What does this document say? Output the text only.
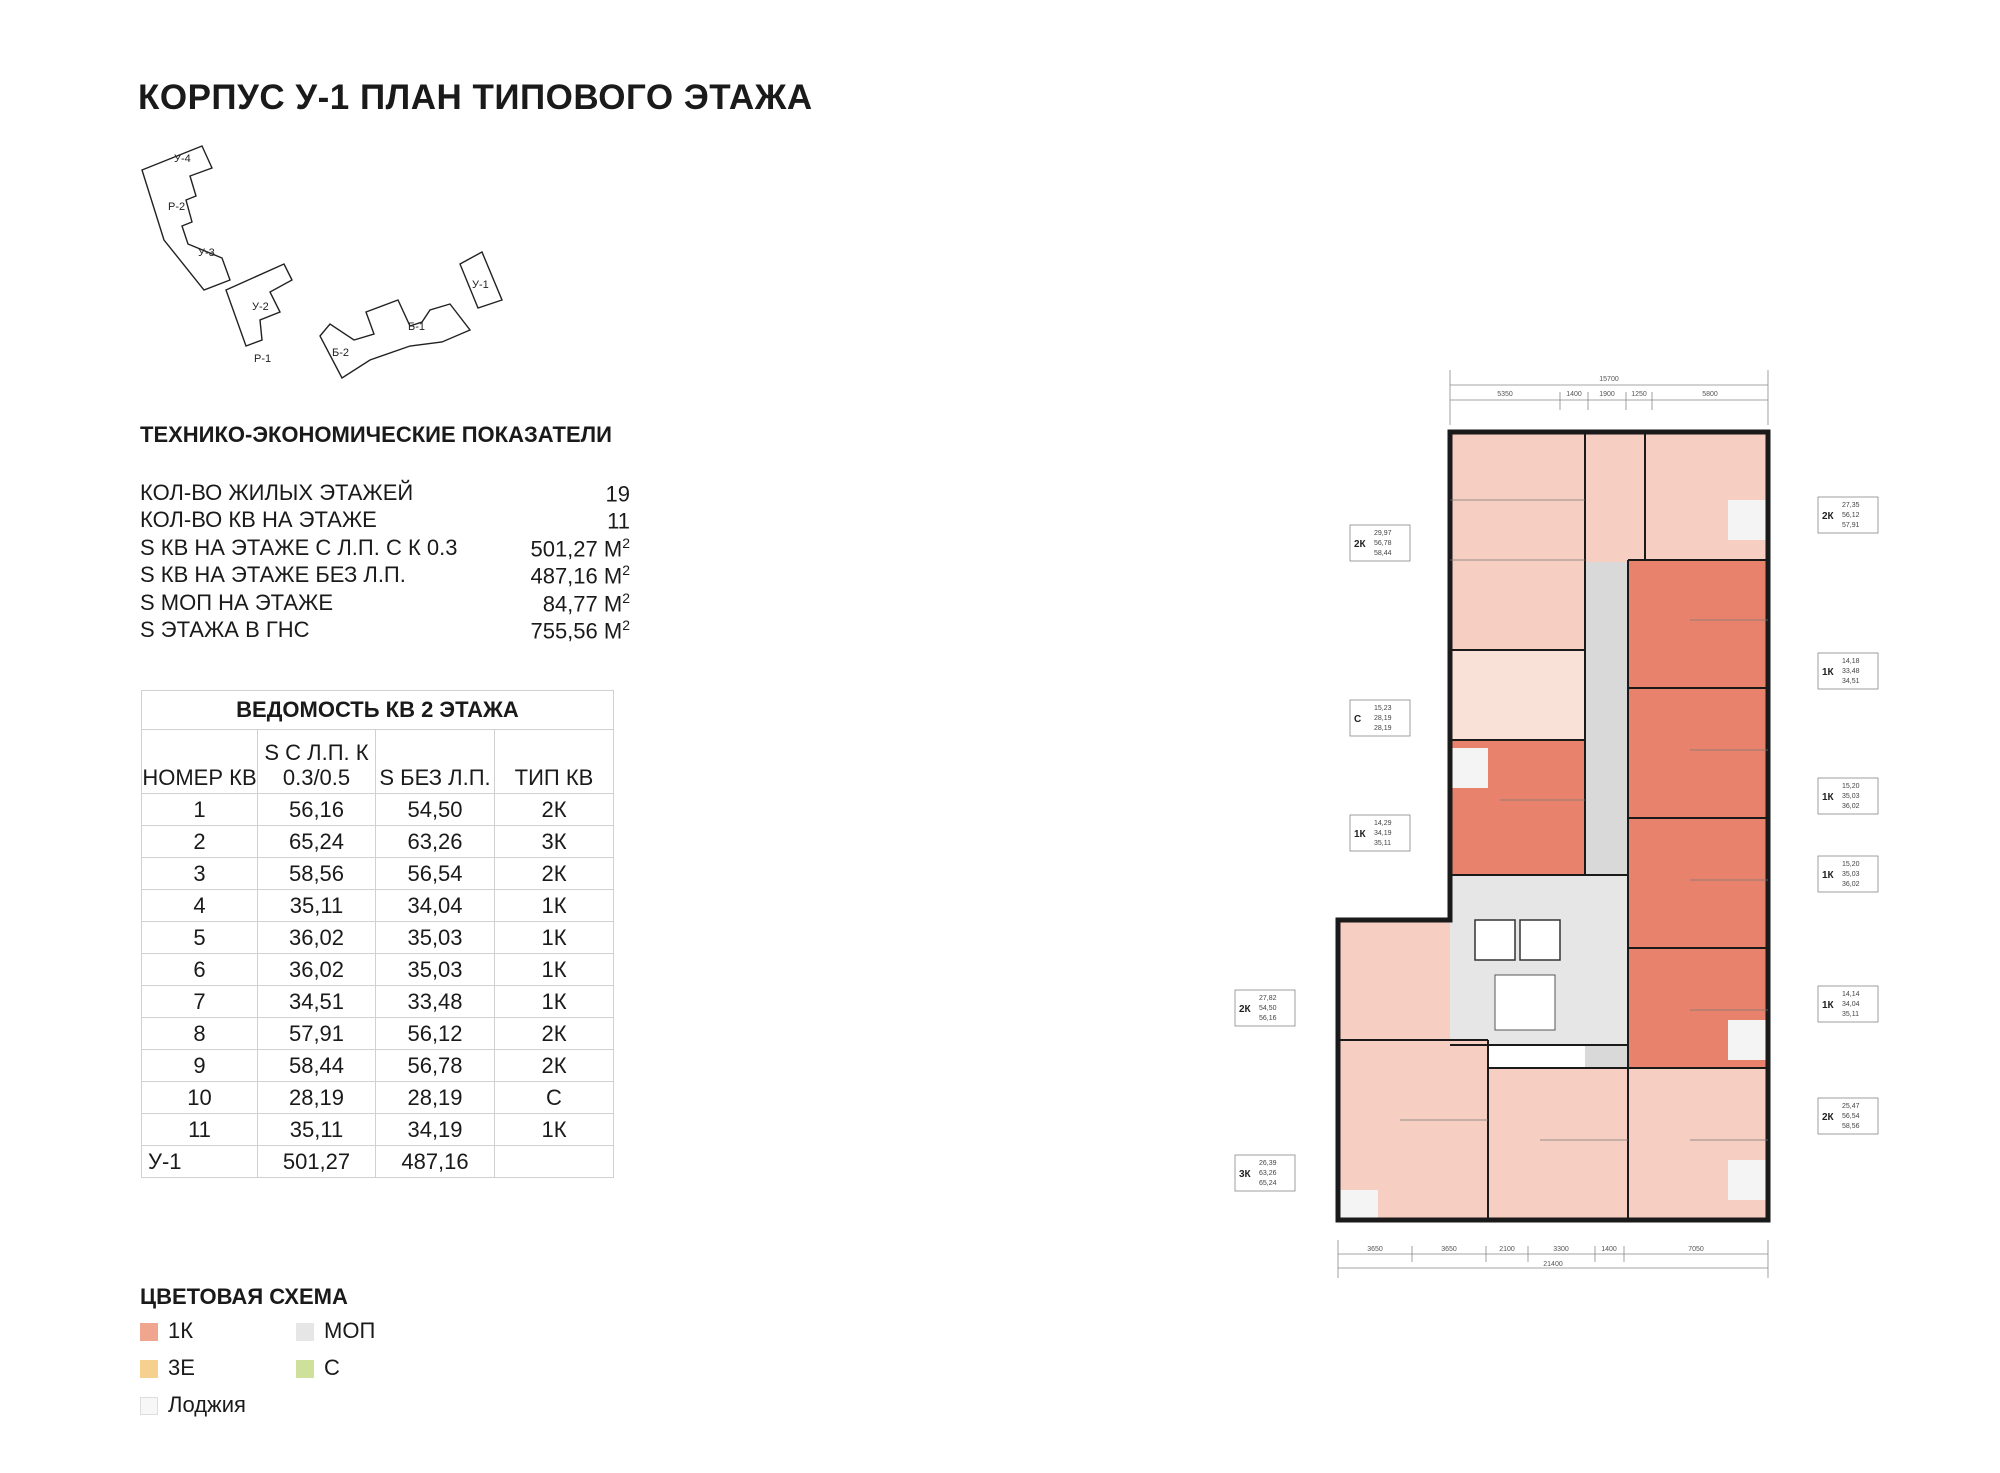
КОРПУС У-1 ПЛАН ТИПОВОГО ЭТАЖА
У-4
Р-2
У-3
У-2
Р-1	Б-2
Б-1
У-1
ТЕХНИКО-ЭКОНОМИЧЕСКИЕ ПОКАЗАТЕЛИ
КОЛ-ВО ЖИЛЫХ ЭТАЖЕЙ	19
КОЛ-ВО КВ НА ЭТАЖЕ	11
S КВ НА ЭТАЖЕ С Л.П. С К 0.3	501,27 $М^2$
S КВ НА ЭТАЖЕ БЕЗ Л.П.	487,16 $М^2$
S МОП НА ЭТАЖЕ	84,77 $М^2$
S ЭТАЖА В ГНС	755,56 $М^2$
ВЕДОМОСТЬ КВ 2 ЭТАЖА			
НОМЕР КВ	S С Л.П. К 0.3/0.5	S БЕЗ Л.П.	ТИП КВ
1	56,16	54,50	2К
2	65,24	63,26	3К
3	58,56	56,54	2К
4	35,11	34,04	1К
5	36,02	35,03	1К
6	36,02	35,03	1К
7	34,51	33,48	1К
8	57,91	56,12	2К
9	58,44	56,78	2К
10	28,19	28,19	С
11	35,11	34,19	1К
У-1	501,27	487,16	
ЦВЕТОВАЯ СХЕМА
1К	МОП
3Е	С
Лоджия
15700
5350	1400 1900 1250	5800
3650	3650	2100	3300	1400	7050
21400
2К
29,97
56,78
58,44
С
15,23
28,19
28,19
1К
14,29
34,19
35,11
2К
27,82
54,50
56,16
3К
26,39
63,26
65,24
2К
27,35
56,12
57,91
1К
14,18
33,48
34,51
1К
15,20
35,03
36,02
1К
15,20
35,03
36,02
1К
14,14
34,04
35,11
2К
25,47
56,54
58,56
